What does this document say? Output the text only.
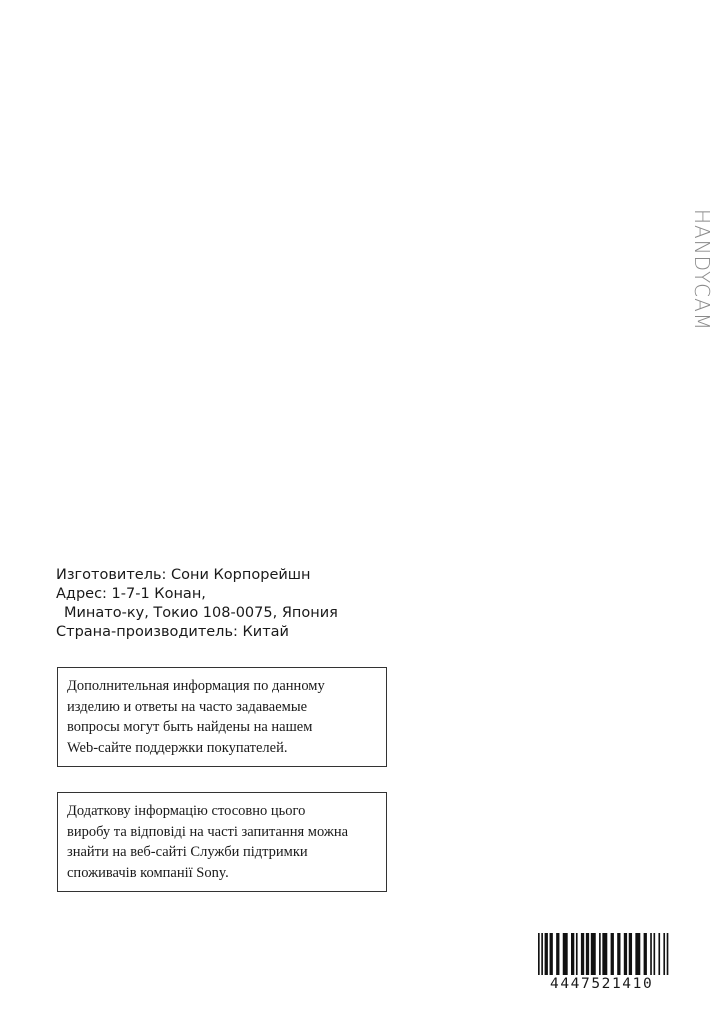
HANDYCAM
Изготовитель: Сони Корпорейшн
Адрес: 1-7-1 Конан,
Минато-ку, Токио 108-0075, Япония
Страна-производитель: Китай
Дополнительная информация по данному
изделию и ответы на часто задаваемые
вопросы могут быть найдены на нашем
Web-сайте поддержки покупателей.
Додаткову інформацію стосовно цього
виробу та відповіді на часті запитання можна
знайти на веб-сайті Служби підтримки
споживачів компанії Sony.
4447521410
